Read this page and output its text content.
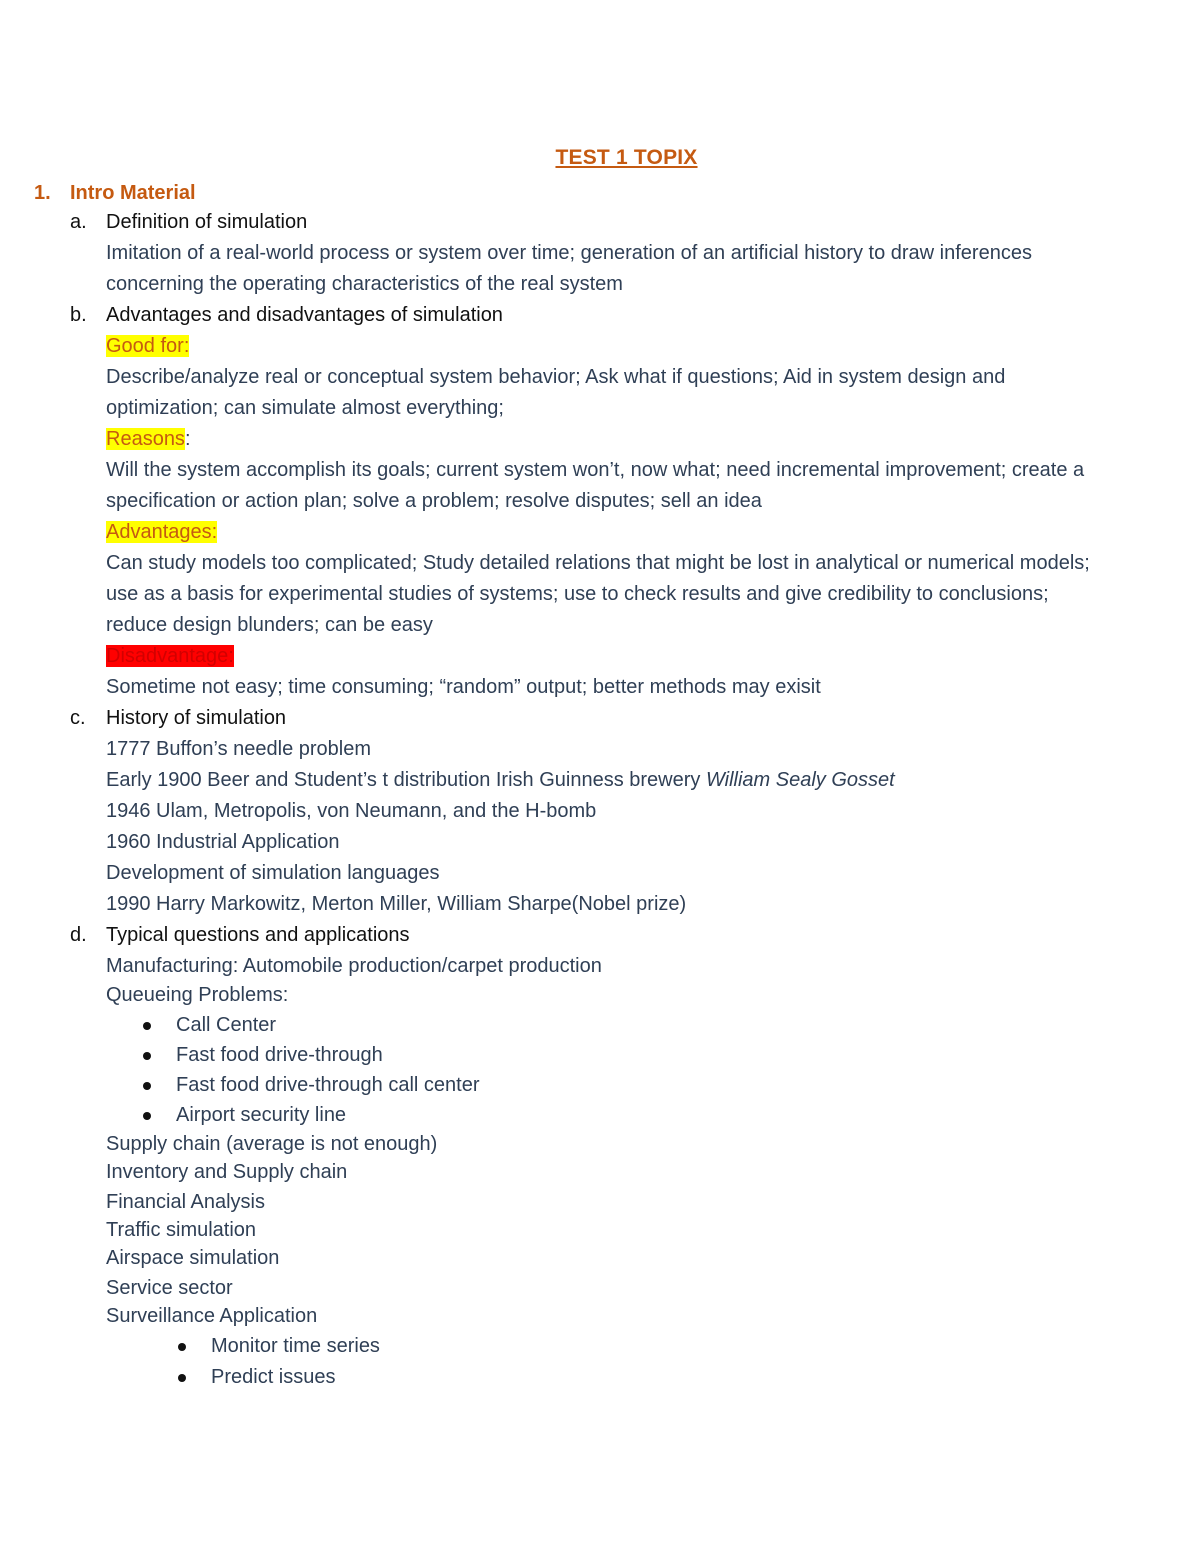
TEST 1 TOPIX
1. Intro Material
a. Definition of simulation
Imitation of a real-world process or system over time; generation of an artificial history to draw inferences
concerning the operating characteristics of the real system
b. Advantages and disadvantages of simulation
Good for:
Describe/analyze real or conceptual system behavior; Ask what if questions; Aid in system design and
optimization; can simulate almost everything;
Reasons:
Will the system accomplish its goals; current system won’t, now what; need incremental improvement; create a
specification or action plan; solve a problem; resolve disputes; sell an idea
Advantages:
Can study models too complicated; Study detailed relations that might be lost in analytical or numerical models;
use as a basis for experimental studies of systems; use to check results and give credibility to conclusions;
reduce design blunders; can be easy
Disadvantage:
Sometime not easy; time consuming; “random” output; better methods may exisit
c. History of simulation
1777 Buffon’s needle problem
Early 1900 Beer and Student’s t distribution Irish Guinness brewery William Sealy Gosset
1946 Ulam, Metropolis, von Neumann, and the H-bomb
1960 Industrial Application
Development of simulation languages
1990 Harry Markowitz, Merton Miller, William Sharpe(Nobel prize)
d. Typical questions and applications
Manufacturing: Automobile production/carpet production
Queueing Problems:
Call Center
Fast food drive-through
Fast food drive-through call center
Airport security line
Supply chain (average is not enough)
Inventory and Supply chain
Financial Analysis
Traffic simulation
Airspace simulation
Service sector
Surveillance Application
Monitor time series
Predict issues
